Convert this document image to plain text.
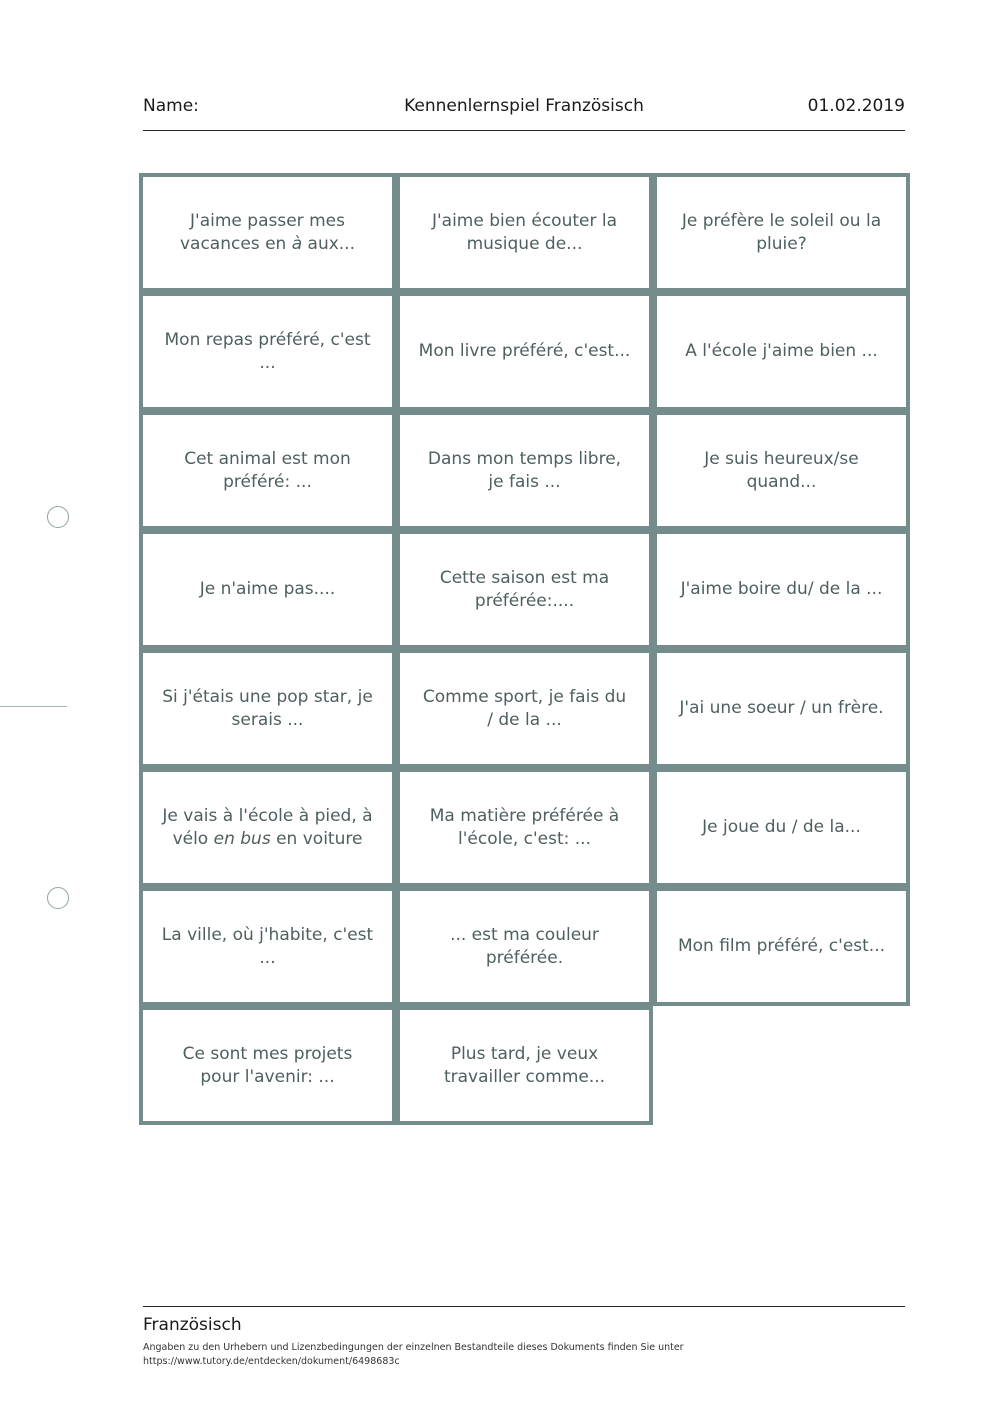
Name:	Kennenlernspiel Französisch	01.02.2019
J'aime passer mes vacances en à aux...
J'aime bien écouter la musique de...
Je préfère le soleil ou la pluie?
Mon repas préféré, c'est ...
Mon livre préféré, c'est...	A l'école j'aime bien ...
Cet animal est mon préféré: ...
Dans mon temps libre, je fais ...
Je suis heureux/se quand...
Je n'aime pas....
Cette saison est ma préférée:....
J'aime boire du/ de la ...
Si j'étais une pop star, je serais ...
Comme sport, je fais du / de la ...
J'ai une soeur / un frère.
Je vais à l'école à pied, à vélo en bus en voiture
Ma matière préférée à l'école, c'est: ...
Je joue du / de la...
La ville, où j'habite, c'est ...
... est ma couleur préférée.
Mon film préféré, c'est...
Ce sont mes projets pour l'avenir: ...
Plus tard, je veux travailler comme...
Französisch
Angaben zu den Urhebern und Lizenzbedingungen der einzelnen Bestandteile dieses Dokuments finden Sie unter
https://www.tutory.de/entdecken/dokument/6498683c
